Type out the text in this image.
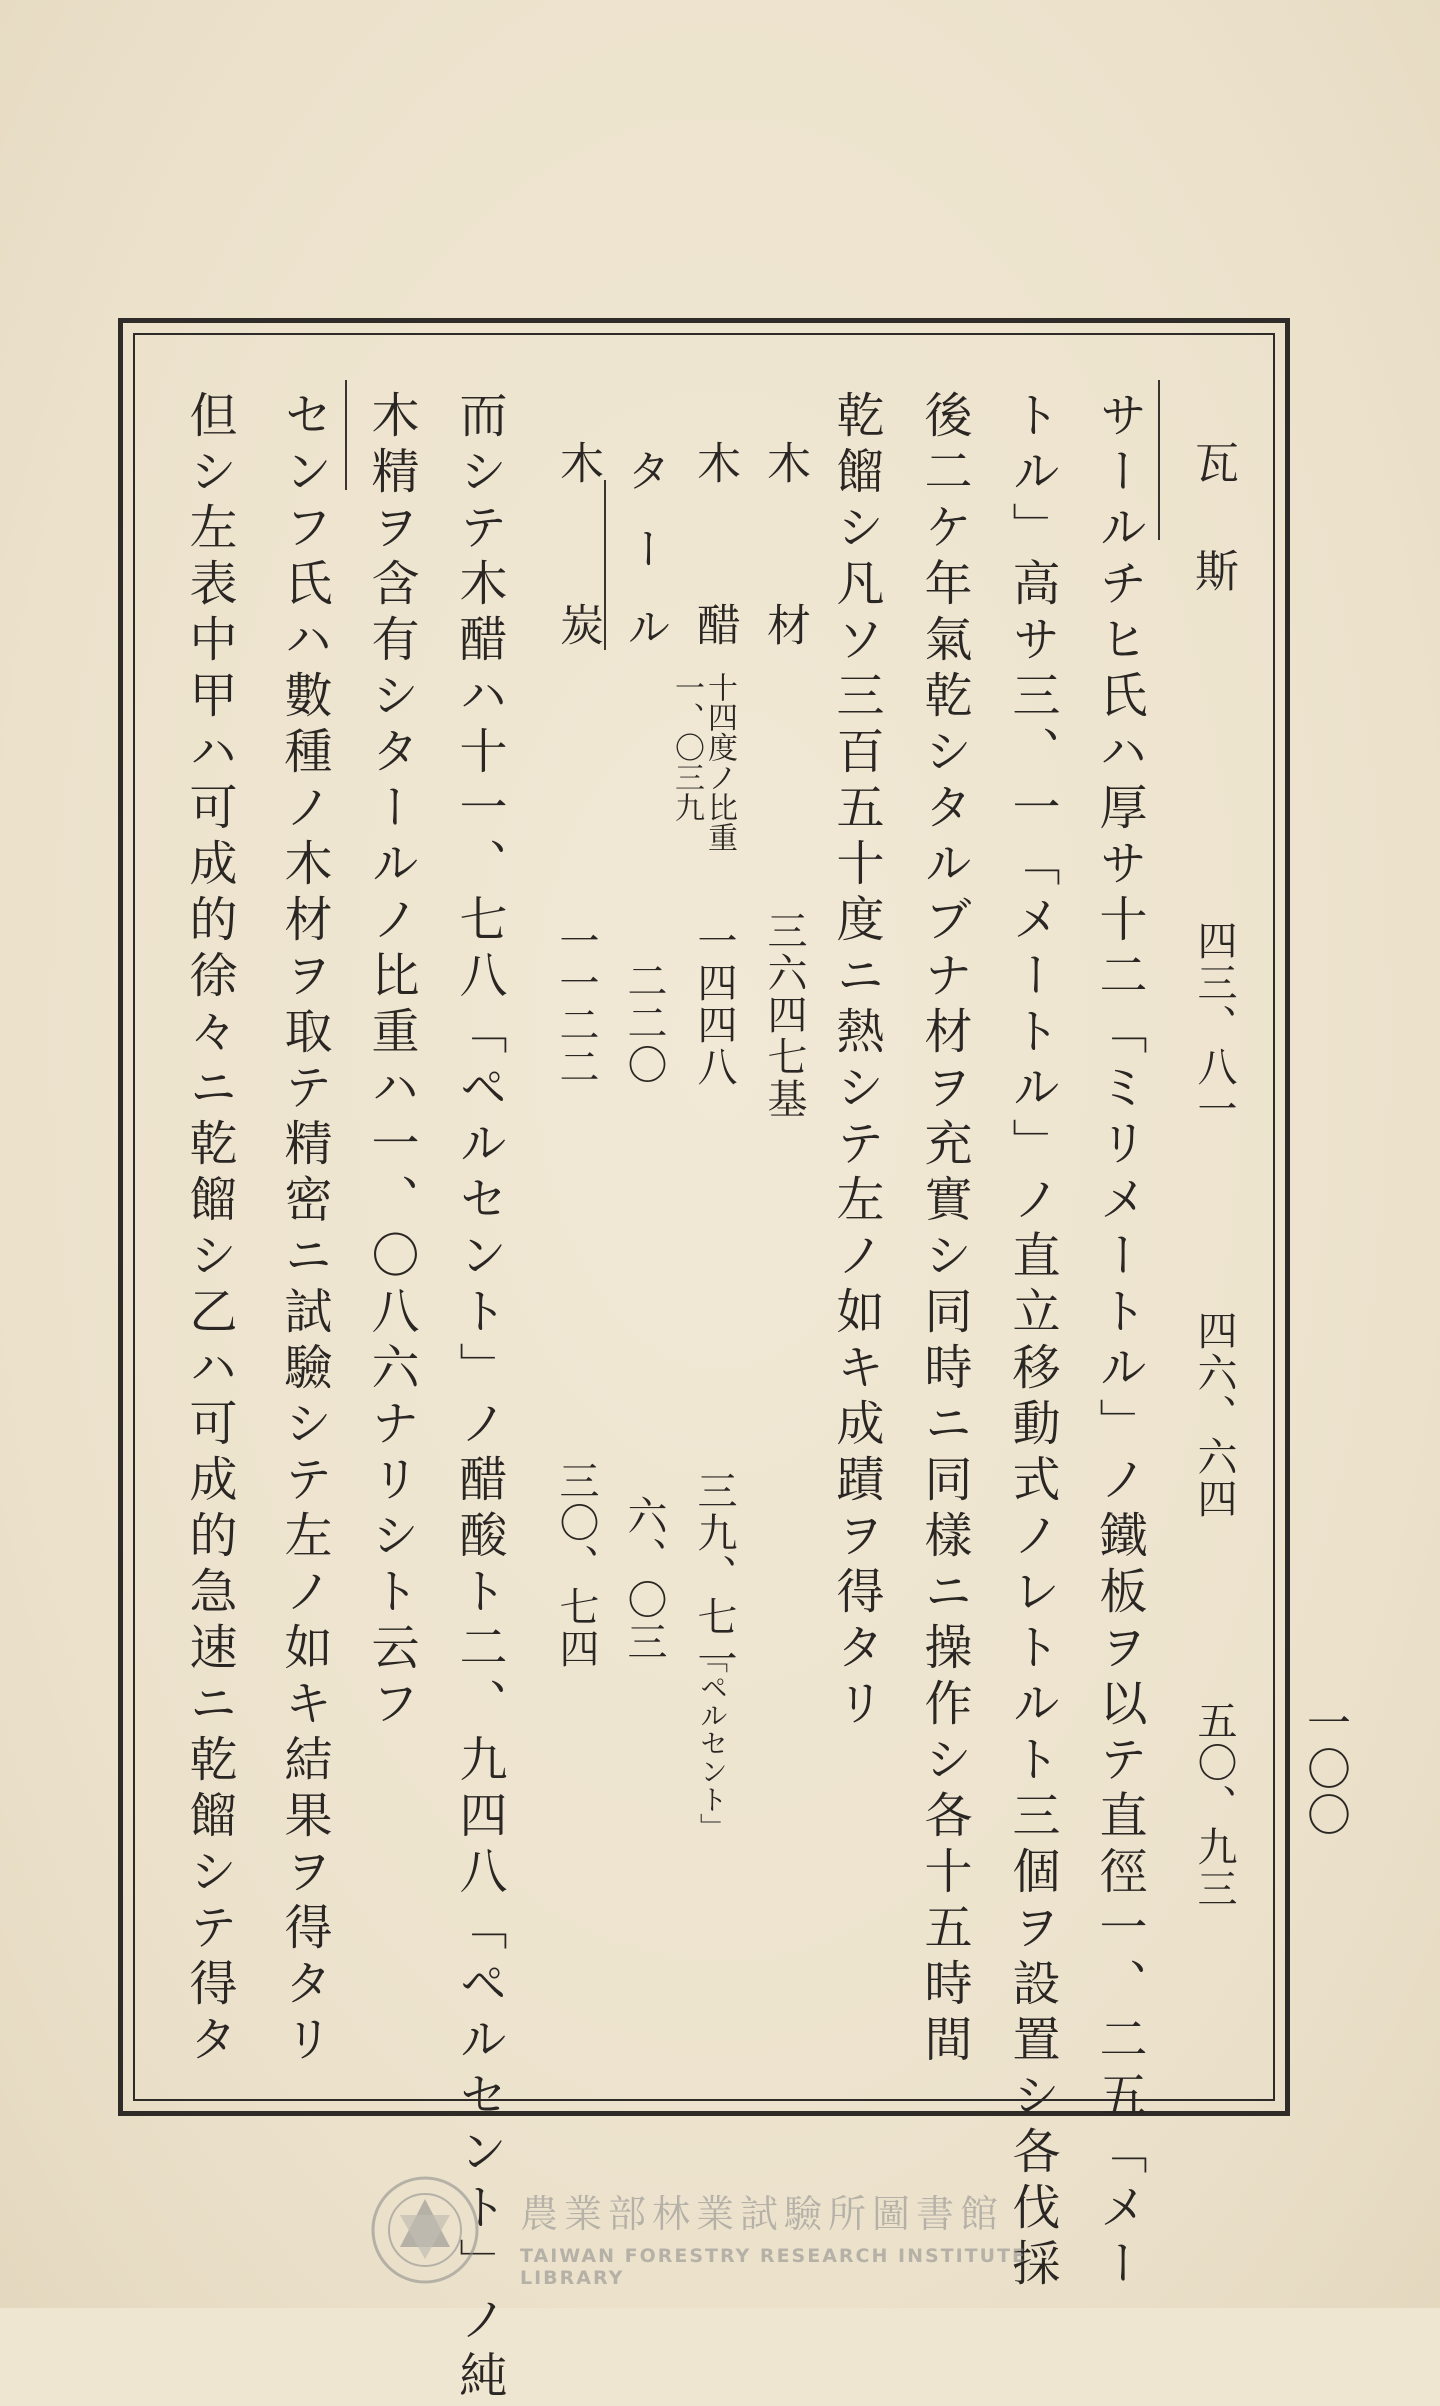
一〇〇
瓦　斯
四三、八一
四六、六四
五〇、九三
サールチヒ氏ハ厚サ十二「ミリメートル」ノ鐵板ヲ以テ直徑一、二五「メー
トル」高サ三、一「メートル」ノ直立移動式ノレトルト三個ヲ設置シ各伐採
後二ケ年氣乾シタルブナ材ヲ充實シ同時ニ同樣ニ操作シ各十五時間
乾餾シ凡ソ三百五十度ニ熱シテ左ノ如キ成蹟ヲ得タリ
木　　材
三六四七基
木　　醋
十四度ノ比重
一、〇三九
一四四八
三九、七一
「ペルセント」
タ ー ル
二二〇
六、〇三
木　　炭
一一二二
三〇、七四
而シテ木醋ハ十一、七八「ペルセント」ノ醋酸ト二、九四八「ペルセント」ノ純
木精ヲ含有シタールノ比重ハ一、〇八六ナリシト云フ
センフ氏ハ數種ノ木材ヲ取テ精密ニ試驗シテ左ノ如キ結果ヲ得タリ
但シ左表中甲ハ可成的徐々ニ乾餾シ乙ハ可成的急速ニ乾餾シテ得タ
農業部林業試驗所圖書館
TAIWAN FORESTRY RESEARCH INSTITUTE LIBRARY
